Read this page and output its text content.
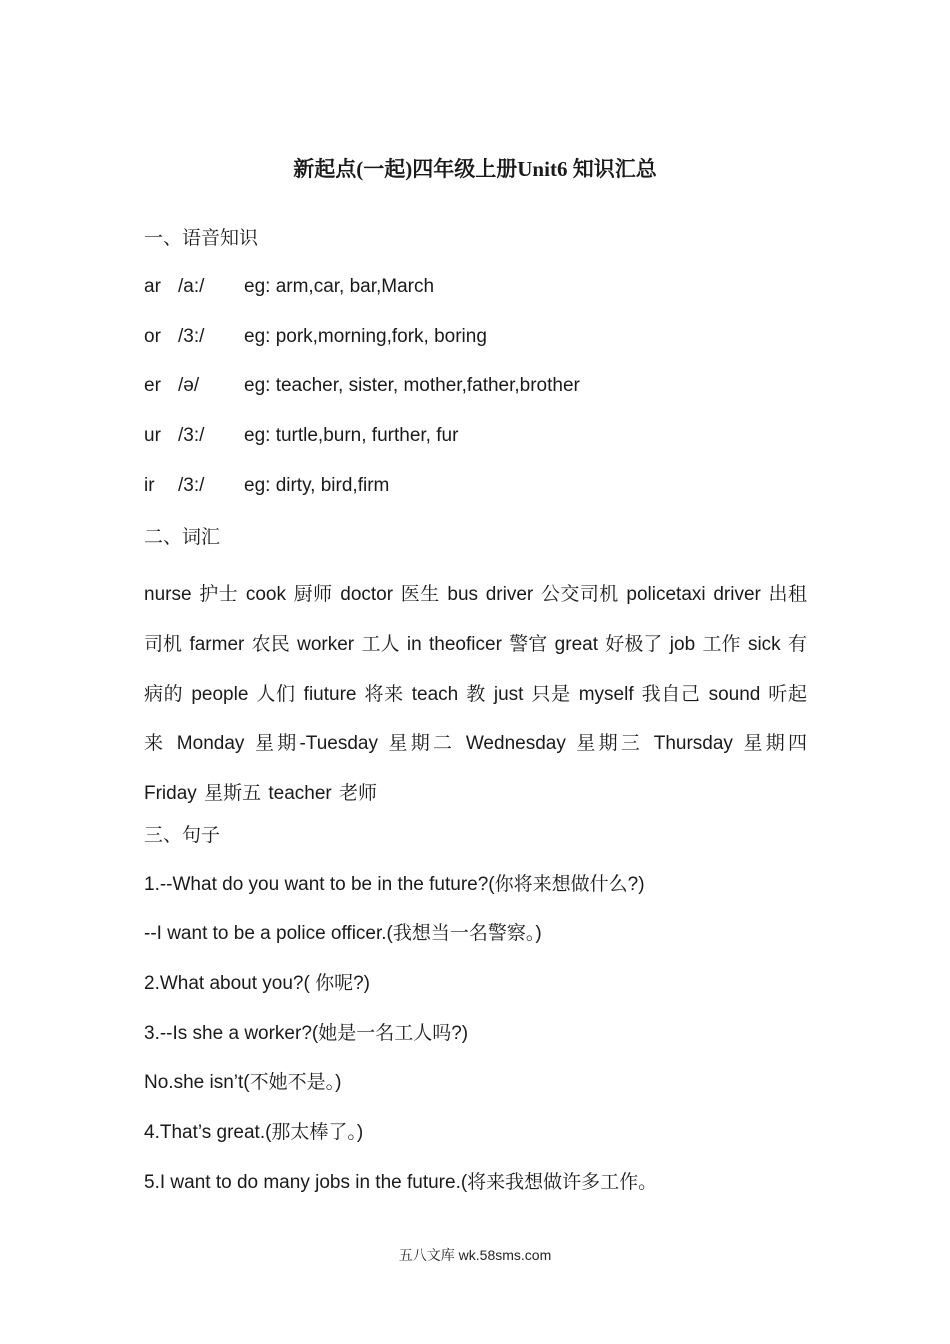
新起点(一起)四年级上册Unit6 知识汇总
一、语音知识
ar /a:/ eg: arm,car, bar,March
or /3:/ eg: pork,morning,fork, boring
er /ə/ eg: teacher, sister, mother,father,brother
ur /3:/ eg: turtle,burn, further, fur
ir /3:/ eg: dirty, bird,firm
二、词汇
nurse 护士 cook 厨师 doctor 医生 bus driver 公交司机 policetaxi driver 出租司机 farmer 农民 worker 工人 in theoficer 警官 great 好极了 job 工作 sick 有病的 people 人们 fiuture 将来 teach 教 just 只是 myself 我自己 sound 听起来 Monday 星期-Tuesday 星期二 Wednesday 星期三 Thursday 星期四 Friday 星斯五 teacher 老师
三、句子
1.--What do you want to be in the future?(你将来想做什么?)
--I want to be a police officer.(我想当一名警察。)
2.What about you?( 你呢?)
3.--Is she a worker?(她是一名工人吗?)
No.she isn’t(不她不是。)
4.That’s great.(那太棒了。)
5.I want to do many jobs in the future.(将来我想做许多工作。
五八文库 wk.58sms.com
